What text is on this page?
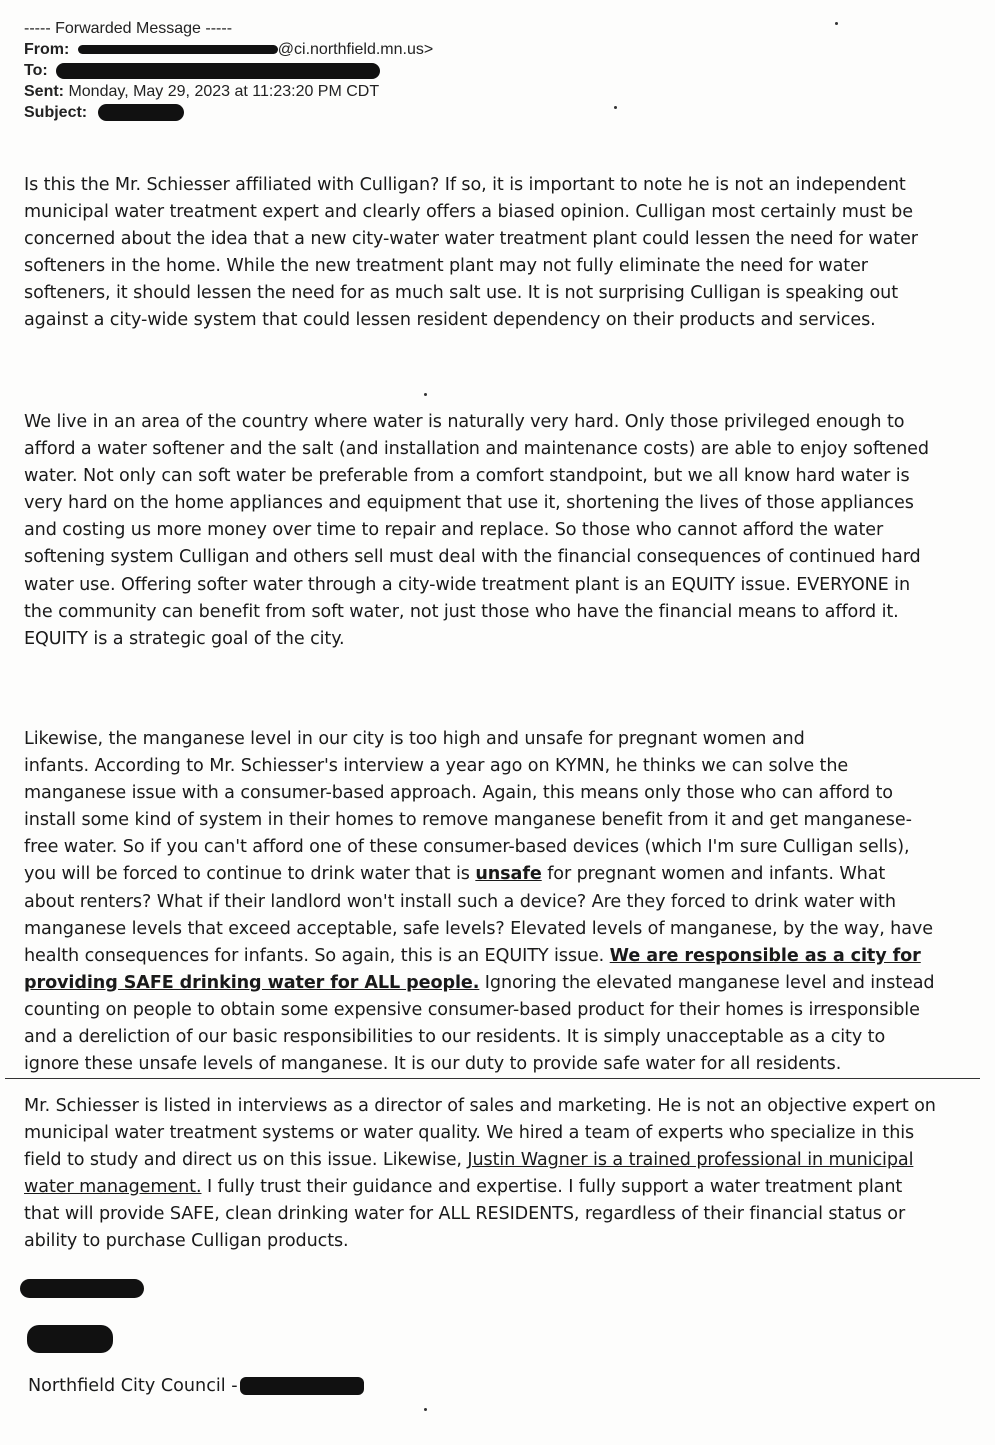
----- Forwarded Message -----
From:	@ci.northfield.mn.us>
To:
Sent: Monday, May 29, 2023 at 11:23:20 PM CDT
Subject:
Is this the Mr. Schiesser affiliated with Culligan? If so, it is important to note he is not an independent
municipal water treatment expert and clearly offers a biased opinion. Culligan most certainly must be
concerned about the idea that a new city-water water treatment plant could lessen the need for water
softeners in the home. While the new treatment plant may not fully eliminate the need for water
softeners, it should lessen the need for as much salt use. It is not surprising Culligan is speaking out
against a city-wide system that could lessen resident dependency on their products and services.
We live in an area of the country where water is naturally very hard. Only those privileged enough to
afford a water softener and the salt (and installation and maintenance costs) are able to enjoy softened
water. Not only can soft water be preferable from a comfort standpoint, but we all know hard water is
very hard on the home appliances and equipment that use it, shortening the lives of those appliances
and costing us more money over time to repair and replace. So those who cannot afford the water
softening system Culligan and others sell must deal with the financial consequences of continued hard
water use. Offering softer water through a city-wide treatment plant is an EQUITY issue. EVERYONE in
the community can benefit from soft water, not just those who have the financial means to afford it.
EQUITY is a strategic goal of the city.
Likewise, the manganese level in our city is too high and unsafe for pregnant women and
infants. According to Mr. Schiesser's interview a year ago on KYMN, he thinks we can solve the
manganese issue with a consumer-based approach. Again, this means only those who can afford to
install some kind of system in their homes to remove manganese benefit from it and get manganese-
free water. So if you can't afford one of these consumer-based devices (which I'm sure Culligan sells),
you will be forced to continue to drink water that is unsafe for pregnant women and infants. What
about renters? What if their landlord won't install such a device? Are they forced to drink water with
manganese levels that exceed acceptable, safe levels? Elevated levels of manganese, by the way, have
health consequences for infants. So again, this is an EQUITY issue. We are responsible as a city for
providing SAFE drinking water for ALL people. Ignoring the elevated manganese level and instead
counting on people to obtain some expensive consumer-based product for their homes is irresponsible
and a dereliction of our basic responsibilities to our residents. It is simply unacceptable as a city to
ignore these unsafe levels of manganese. It is our duty to provide safe water for all residents.
Mr. Schiesser is listed in interviews as a director of sales and marketing. He is not an objective expert on
municipal water treatment systems or water quality. We hired a team of experts who specialize in this
field to study and direct us on this issue. Likewise, Justin Wagner is a trained professional in municipal
water management. I fully trust their guidance and expertise. I fully support a water treatment plant
that will provide SAFE, clean drinking water for ALL RESIDENTS, regardless of their financial status or
ability to purchase Culligan products.
Northfield City Council -
